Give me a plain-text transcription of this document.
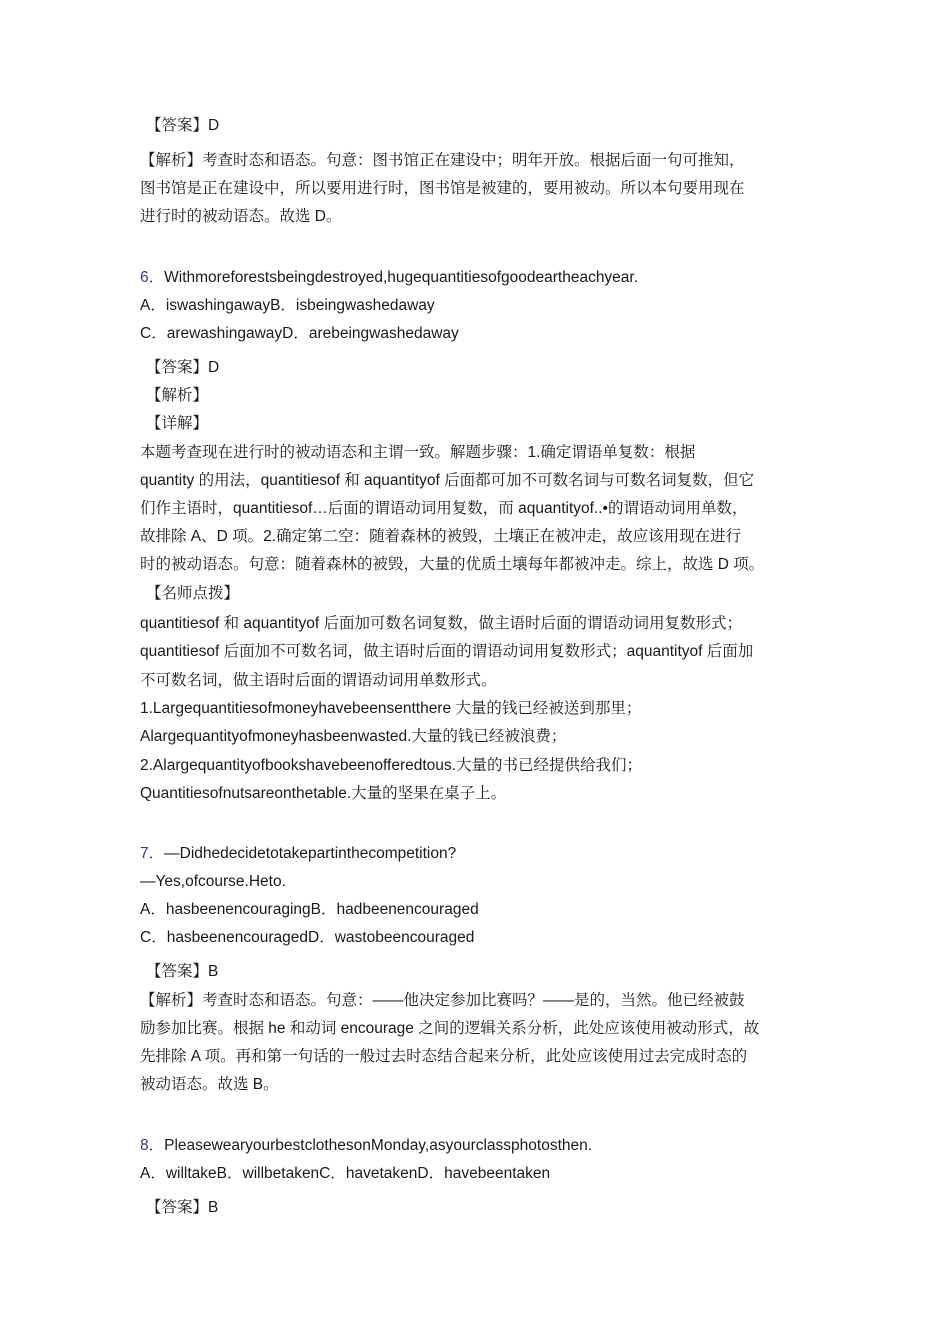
【答案】D
【解析】考查时态和语态。句意：图书馆正在建设中；明年开放。根据后面一句可推知，
图书馆是正在建设中，所以要用进行时，图书馆是被建的，要用被动。所以本句要用现在
进行时的被动语态。故选 D。
6．Withmoreforestsbeingdestroyed,hugequantitiesofgoodeartheachyear.
A．iswashingawayB．isbeingwashedaway
C．arewashingawayD．arebeingwashedaway
【答案】D
【解析】
【详解】
本题考查现在进行时的被动语态和主谓一致。解题步骤：1.确定谓语单复数：根据
quantity 的用法，quantitiesof 和 aquantityof 后面都可加不可数名词与可数名词复数，但它
们作主语时，quantitiesof…后面的谓语动词用复数，而 aquantityof..•的谓语动词用单数，
故排除 A、D 项。2.确定第二空：随着森林的被毁，土壤正在被冲走，故应该用现在进行
时的被动语态。句意：随着森林的被毁，大量的优质土壤每年都被冲走。综上，故选 D 项。
【名师点拨】
quantitiesof 和 aquantityof 后面加可数名词复数，做主语时后面的谓语动词用复数形式；
quantitiesof 后面加不可数名词，做主语时后面的谓语动词用复数形式；aquantityof 后面加
不可数名词，做主语时后面的谓语动词用单数形式。
1.Largequantitiesofmoneyhavebeensentthere 大量的钱已经被送到那里；
Alargequantityofmoneyhasbeenwasted.大量的钱已经被浪费；
2.Alargequantityofbookshavebeenofferedtous.大量的书已经提供给我们；
Quantitiesofnutsareonthetable.大量的坚果在桌子上。
7．—Didhedecidetotakepartinthecompetition?
—Yes,ofcourse.Heto.
A．hasbeenencouragingB．hadbeenencouraged
C．hasbeenencouragedD．wastobeencouraged
【答案】B
【解析】考查时态和语态。句意：——他决定参加比赛吗？——是的，当然。他已经被鼓
励参加比赛。根据 he 和动词 encourage 之间的逻辑关系分析，此处应该使用被动形式，故
先排除 A 项。再和第一句话的一般过去时态结合起来分析，此处应该使用过去完成时态的
被动语态。故选 B。
8．PleasewearyourbestclothesonMonday,asyourclassphotosthen.
A．willtakeB．willbetakenC．havetakenD．havebeentaken
【答案】B
